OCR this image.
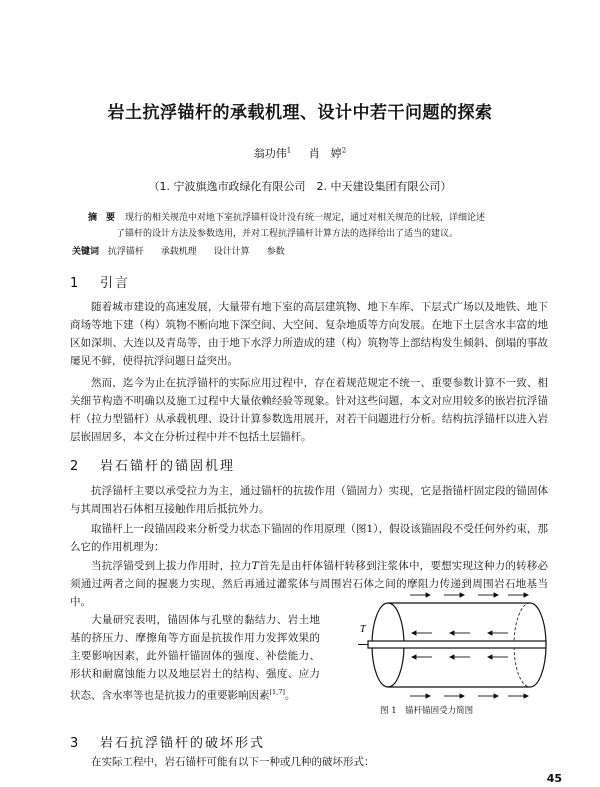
岩土抗浮锚杆的承载机理、设计中若干问题的探索
翁功伟$^1$ 肖　婷$^2$
（1. 宁波旗逸市政绿化有限公司　2. 中天建设集团有限公司）
摘　要 现行的相关规范中对地下室抗浮锚杆设计没有统一规定，通过对相关规范的比较，详细论述
了锚杆的设计方法及参数选用，并对工程抗浮锚杆计算方法的选择给出了适当的建议。
关键词 抗浮锚杆 承载机理 设计计算 参数
1 引言
随着城市建设的高速发展，大量带有地下室的高层建筑物、地下车库、下层式广场以及地铁、地下商场等地下建（构）筑物不断向地下深空间、大空间、复杂地质等方向发展。在地下土层含水丰富的地区如深圳、大连以及青岛等，由于地下水浮力所造成的建（构）筑物等上部结构发生倾斜、倒塌的事故屡见不鲜，使得抗浮问题日益突出。
然而，迄今为止在抗浮锚杆的实际应用过程中，存在着规范规定不统一、重要参数计算不一致、相关细节构造不明确以及施工过程中大量依赖经验等现象。针对这些问题，本文对应用较多的嵌岩抗浮锚杆（拉力型锚杆）从承载机理、设计计算参数选用展开，对若干问题进行分析。结构抗浮锚杆以进入岩层嵌固居多，本文在分析过程中并不包括土层锚杆。
2 岩石锚杆的锚固机理
抗浮锚杆主要以承受拉力为主，通过锚杆的抗拔作用（锚固力）实现，它是指锚杆固定段的锚固体与其周围岩石体相互接触作用后抵抗外力。
取锚杆上一段锚固段来分析受力状态下锚固的作用原理（图1），假设该锚固段不受任何外约束，那么它的作用机理为：
当抗浮锚受到上拔力作用时，拉力T首先是由杆体锚杆转移到注浆体中，要想实现这种力的转移必须通过两者之间的握裹力实现，然后再通过灌浆体与周围岩石体之间的摩阻力传递到周围岩石地基当中。
大量研究表明，锚固体与孔壁的黏结力、岩土地基的挤压力、摩擦角等方面是抗拔作用力发挥效果的主要影响因素，此外锚杆锚固体的强度、补偿能力、形状和耐腐蚀能力以及地层岩土的结构、强度、应力状态、含水率等也是抗拔力的重要影响因素[1,7]。
T
图 1　锚杆锚固受力简图
3 岩石抗浮锚杆的破坏形式
在实际工程中，岩石锚杆可能有以下一种或几种的破坏形式：
45
